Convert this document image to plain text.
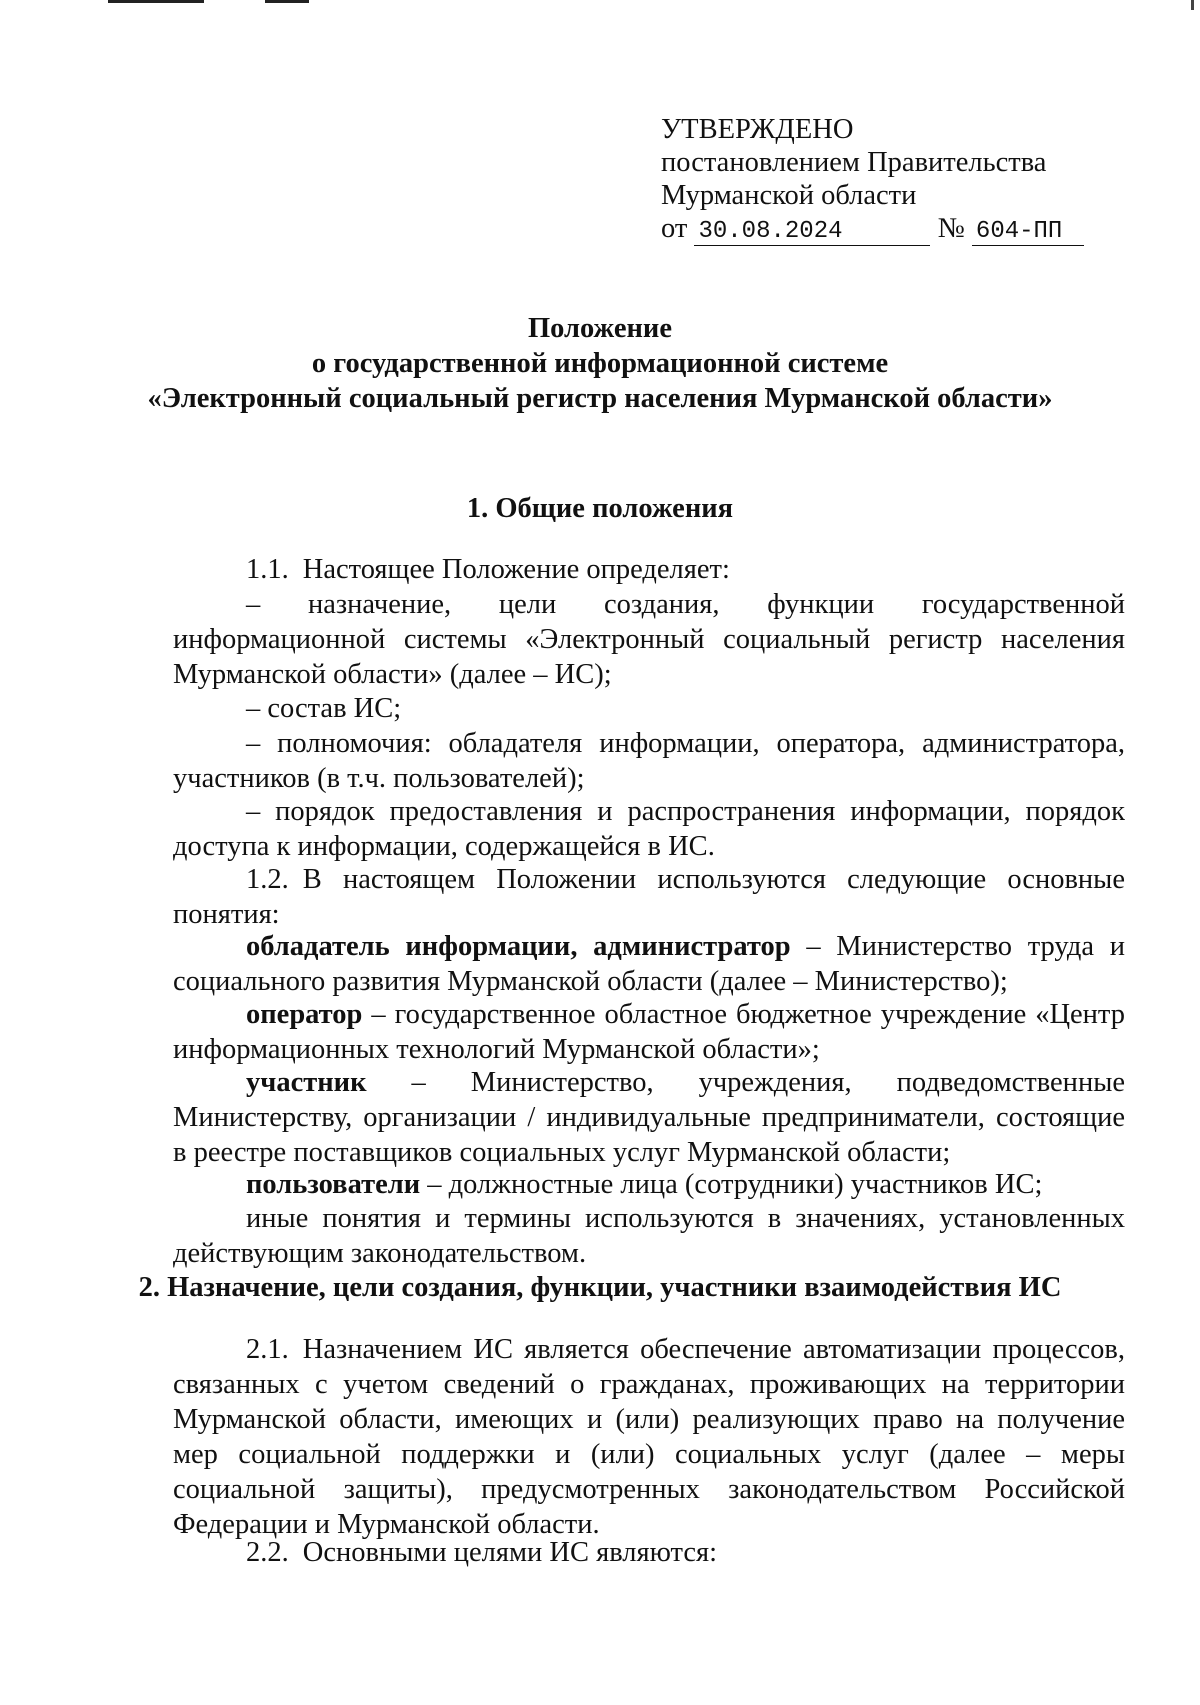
УТВЕРЖДЕНО
постановлением Правительства
Мурманской области
от 30.08.2024	№ 604-ПП
Положение
о государственной информационной системе
«Электронный социальный регистр населения Мурманской области»
1. Общие положения
1.1. Настоящее Положение определяет:
– назначение, цели создания, функции государственной информационной системы «Электронный социальный регистр населения Мурманской области» (далее – ИС);
– состав ИС;
– полномочия: обладателя информации, оператора, администратора, участников (в т.ч. пользователей);
– порядок предоставления и распространения информации, порядок доступа к информации, содержащейся в ИС.
1.2. В настоящем Положении используются следующие основные понятия:
обладатель информации, администратор – Министерство труда и социального развития Мурманской области (далее – Министерство);
оператор – государственное областное бюджетное учреждение «Центр информационных технологий Мурманской области»;
участник – Министерство, учреждения, подведомственные Министерству, организации / индивидуальные предприниматели, состоящие в реестре поставщиков социальных услуг Мурманской области;
пользователи – должностные лица (сотрудники) участников ИС;
иные понятия и термины используются в значениях, установленных действующим законодательством.
2. Назначение, цели создания, функции, участники взаимодействия ИС
2.1. Назначением ИС является обеспечение автоматизации процессов, связанных с учетом сведений о гражданах, проживающих на территории Мурманской области, имеющих и (или) реализующих право на получение мер социальной поддержки и (или) социальных услуг (далее – меры социальной защиты), предусмотренных законодательством Российской Федерации и Мурманской области.
2.2. Основными целями ИС являются:
